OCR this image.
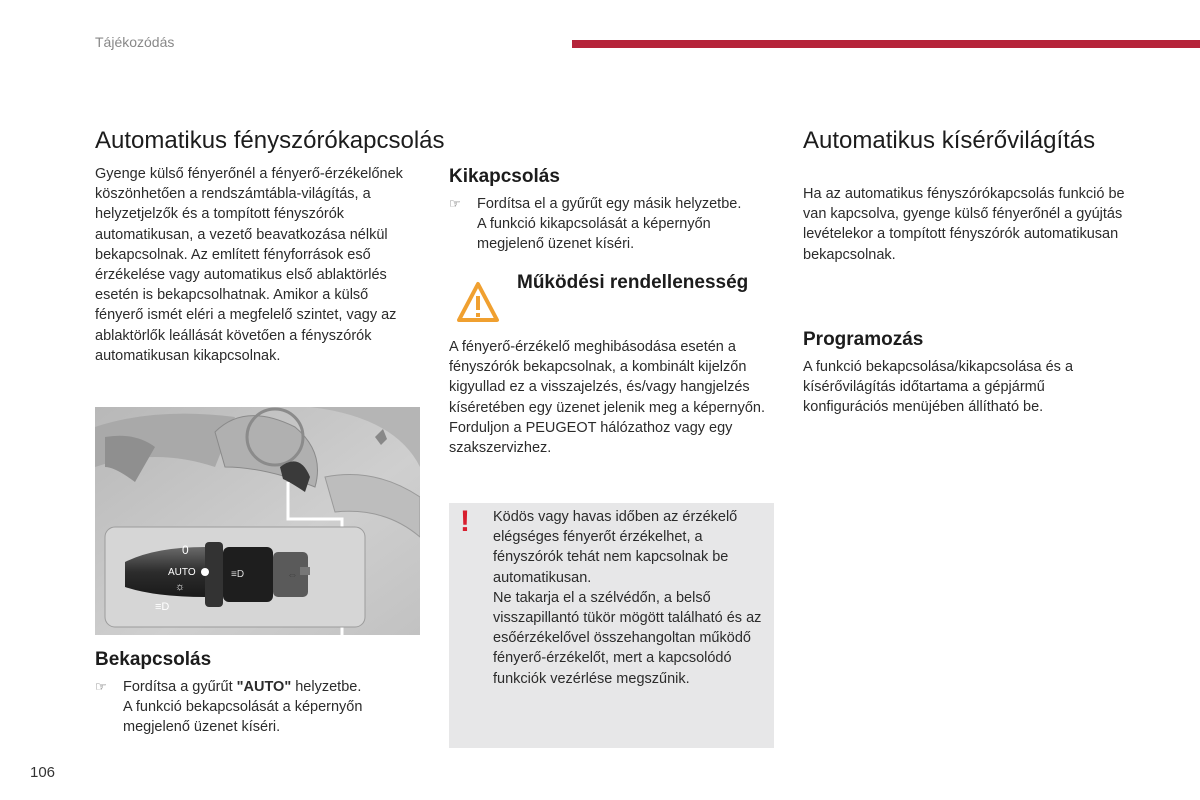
Tájékozódás
Automatikus fényszórókapcsolás
Gyenge külső fényerőnél a fényerő-érzékelőnek köszönhetően a rendszámtábla-világítás, a helyzetjelzők és a tompított fényszórók automatikusan, a vezető beavatkozása nélkül bekapcsolnak. Az említett fényforrások eső érzékelése vagy automatikus első ablaktörlés esetén is bekapcsolhatnak. Amikor a külső fényerő ismét eléri a megfelelő szintet, vagy az ablaktörlők leállását követően a fényszórók automatikusan kikapcsolnak.
⇔
0
AUTO
☼
≡D
≡D
Bekapcsolás
☞	Fordítsa a gyűrűt "AUTO" helyzetbe.
A funkció bekapcsolását a képernyőn megjelenő üzenet kíséri.
Kikapcsolás
☞	Fordítsa el a gyűrűt egy másik helyzetbe.
A funkció kikapcsolását a képernyőn megjelenő üzenet kíséri.
Működési rendellenesség
A fényerő-érzékelő meghibásodása esetén a fényszórók bekapcsolnak, a kombinált kijelzőn kigyullad ez a visszajelzés, és/vagy hangjelzés kíséretében egy üzenet jelenik meg a képernyőn.
Forduljon a PEUGEOT hálózathoz vagy egy szakszervizhez.
! Ködös vagy havas időben az érzékelő elégséges fényerőt érzékelhet, a fényszórók tehát nem kapcsolnak be automatikusan.
Ne takarja el a szélvédőn, a belső visszapillantó tükör mögött található és az esőérzékelővel összehangoltan működő fényerő-érzékelőt, mert a kapcsolódó funkciók vezérlése megszűnik.
Automatikus kísérővilágítás
Ha az automatikus fényszórókapcsolás funkció be van kapcsolva, gyenge külső fényerőnél a gyújtás levételekor a tompított fényszórók automatikusan bekapcsolnak.
Programozás
A funkció bekapcsolása/kikapcsolása és a kísérővilágítás időtartama a gépjármű konfigurációs menüjében állítható be.
106
